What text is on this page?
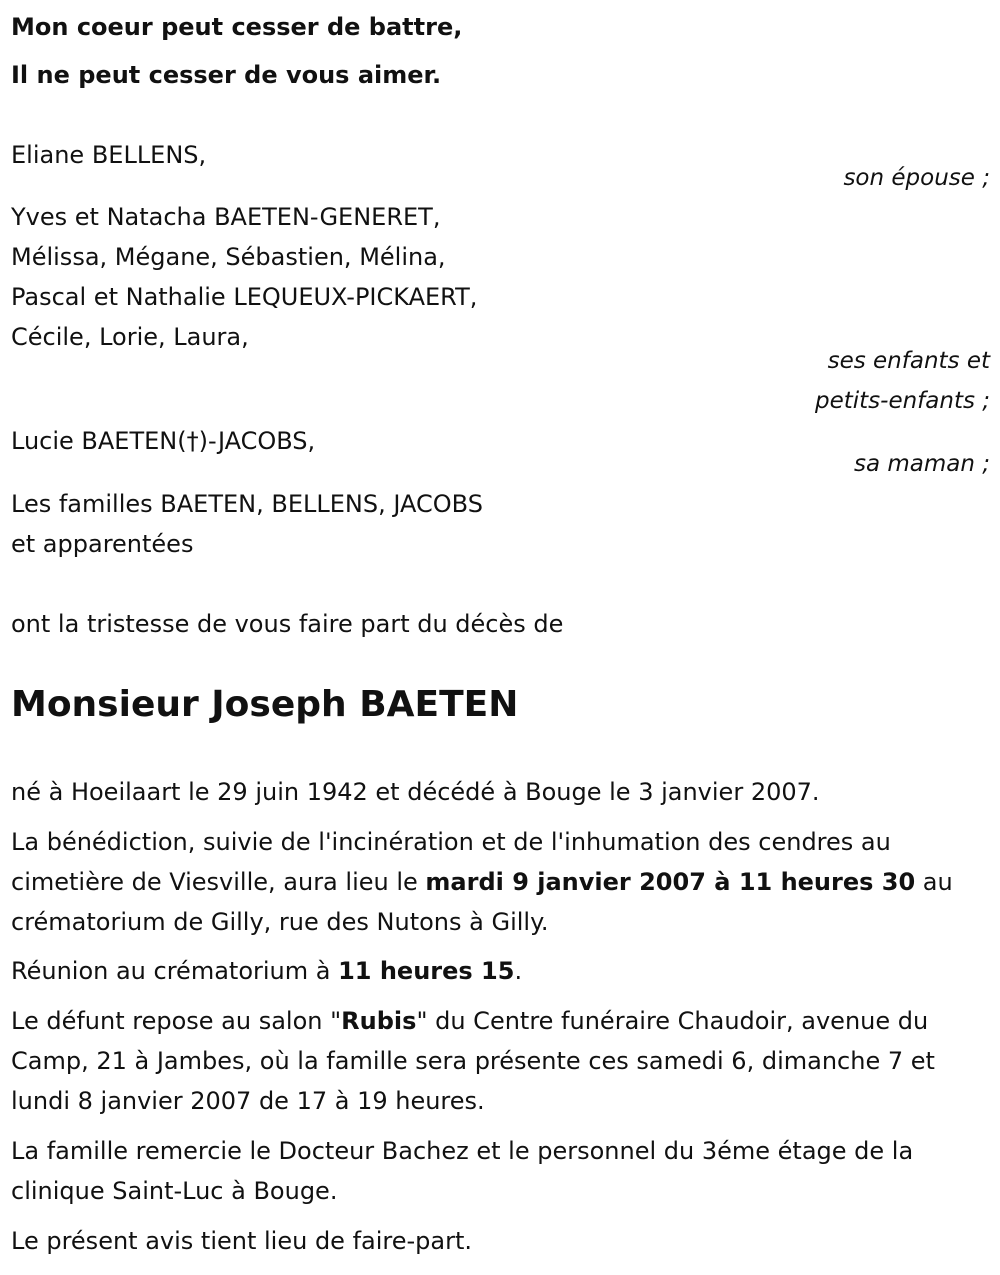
Mon coeur peut cesser de battre,
Il ne peut cesser de vous aimer.
Eliane BELLENS,
son épouse ;
Yves et Natacha BAETEN-GENERET,
Mélissa, Mégane, Sébastien, Mélina,
Pascal et Nathalie LEQUEUX-PICKAERT,
Cécile, Lorie, Laura,
ses enfants et
petits-enfants ;
Lucie BAETEN(†)-JACOBS,
sa maman ;
Les familles BAETEN, BELLENS, JACOBS
et apparentées
ont la tristesse de vous faire part du décès de
Monsieur Joseph BAETEN
né à Hoeilaart le 29 juin 1942 et décédé à Bouge le 3 janvier 2007.
La bénédiction, suivie de l'incinération et de l'inhumation des cendres au cimetière de Viesville, aura lieu le mardi 9 janvier 2007 à 11 heures 30 au crématorium de Gilly, rue des Nutons à Gilly.
Réunion au crématorium à 11 heures 15.
Le défunt repose au salon "Rubis" du Centre funéraire Chaudoir, avenue du Camp, 21 à Jambes, où la famille sera présente ces samedi 6, dimanche 7 et lundi 8 janvier 2007 de 17 à 19 heures.
La famille remercie le Docteur Bachez et le personnel du 3éme étage de la clinique Saint-Luc à Bouge.
Le présent avis tient lieu de faire-part.
